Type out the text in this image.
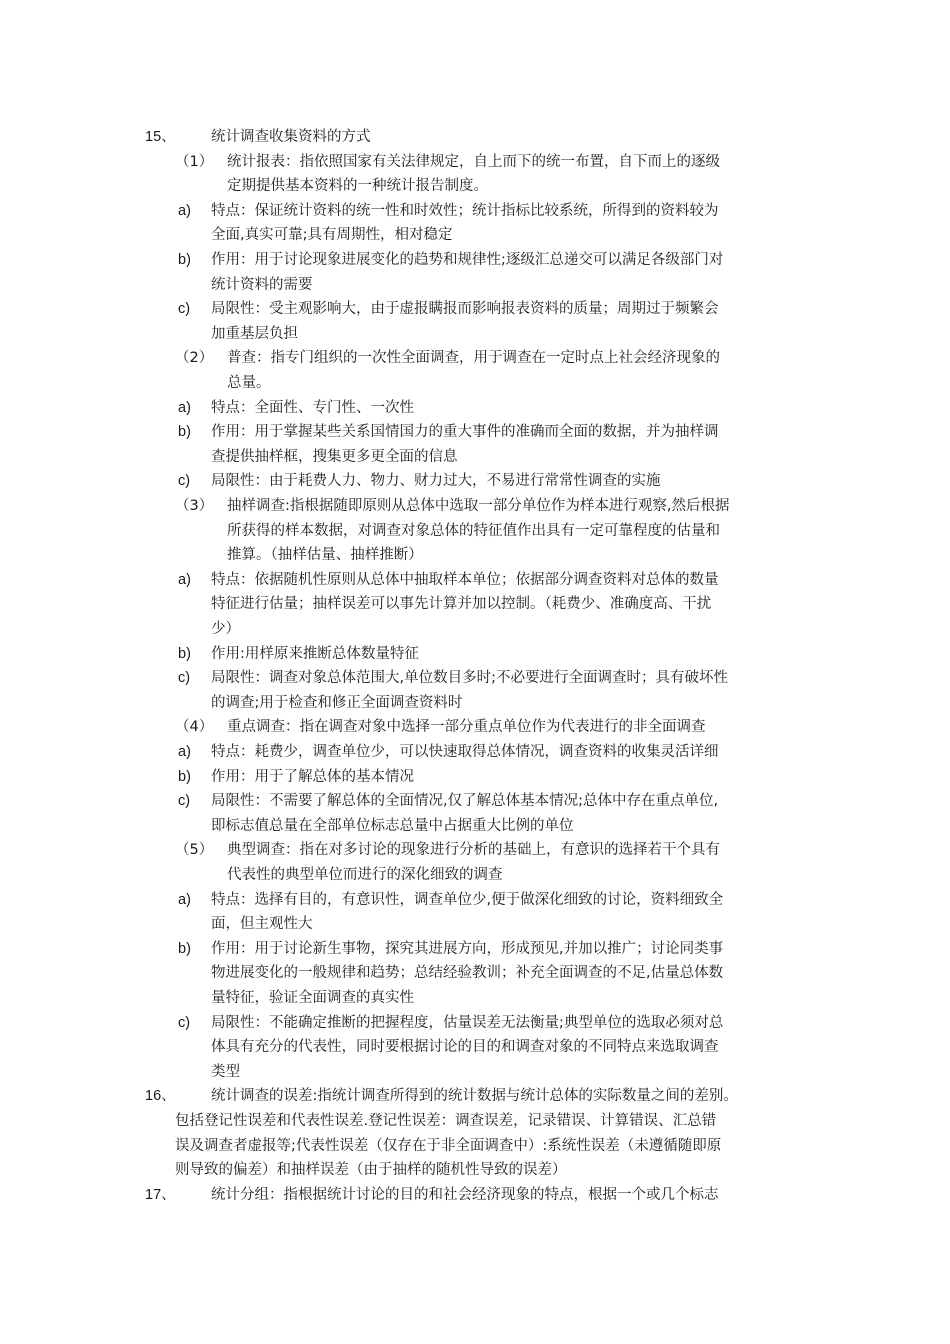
15、 统计调查收集资料的方式
（1） 统计报表：指依照国家有关法律规定，自上而下的统一布置，自下而上的逐级
定期提供基本资料的一种统计报告制度。
a) 特点：保证统计资料的统一性和时效性；统计指标比较系统，所得到的资料较为
全面,真实可靠;具有周期性，相对稳定
b) 作用：用于讨论现象进展变化的趋势和规律性;逐级汇总递交可以满足各级部门对
统计资料的需要
c) 局限性：受主观影响大，由于虚报瞒报而影响报表资料的质量；周期过于频繁会
加重基层负担
（2） 普查：指专门组织的一次性全面调查，用于调查在一定时点上社会经济现象的
总量。
a) 特点：全面性、专门性、一次性
b) 作用：用于掌握某些关系国情国力的重大事件的准确而全面的数据，并为抽样调
查提供抽样框，搜集更多更全面的信息
c) 局限性：由于耗费人力、物力、财力过大，不易进行常常性调查的实施
（3） 抽样调查:指根据随即原则从总体中选取一部分单位作为样本进行观察,然后根据
所获得的样本数据，对调查对象总体的特征值作出具有一定可靠程度的估量和
推算。（抽样估量、抽样推断）
a) 特点：依据随机性原则从总体中抽取样本单位；依据部分调查资料对总体的数量
特征进行估量；抽样误差可以事先计算并加以控制。（耗费少、准确度高、干扰
少）
b) 作用:用样原来推断总体数量特征
c) 局限性：调查对象总体范围大,单位数目多时;不必要进行全面调查时；具有破坏性
的调查;用于检查和修正全面调查资料时
（4） 重点调查：指在调查对象中选择一部分重点单位作为代表进行的非全面调查
a) 特点：耗费少，调查单位少，可以快速取得总体情况，调查资料的收集灵活详细
b) 作用：用于了解总体的基本情况
c) 局限性：不需要了解总体的全面情况,仅了解总体基本情况;总体中存在重点单位,
即标志值总量在全部单位标志总量中占据重大比例的单位
（5） 典型调查：指在对多讨论的现象进行分析的基础上，有意识的选择若干个具有
代表性的典型单位而进行的深化细致的调查
a) 特点：选择有目的，有意识性，调查单位少,便于做深化细致的讨论，资料细致全
面，但主观性大
b) 作用：用于讨论新生事物，探究其进展方向，形成预见,并加以推广；讨论同类事
物进展变化的一般规律和趋势；总结经验教训；补充全面调查的不足,估量总体数
量特征，验证全面调查的真实性
c) 局限性：不能确定推断的把握程度，估量误差无法衡量;典型单位的选取必须对总
体具有充分的代表性，同时要根据讨论的目的和调查对象的不同特点来选取调查
类型
16、 统计调查的误差:指统计调查所得到的统计数据与统计总体的实际数量之间的差别。
包括登记性误差和代表性误差.登记性误差：调查误差，记录错误、计算错误、汇总错
误及调查者虚报等;代表性误差（仅存在于非全面调查中）:系统性误差（未遵循随即原
则导致的偏差）和抽样误差（由于抽样的随机性导致的误差）
17、 统计分组：指根据统计讨论的目的和社会经济现象的特点，根据一个或几个标志
